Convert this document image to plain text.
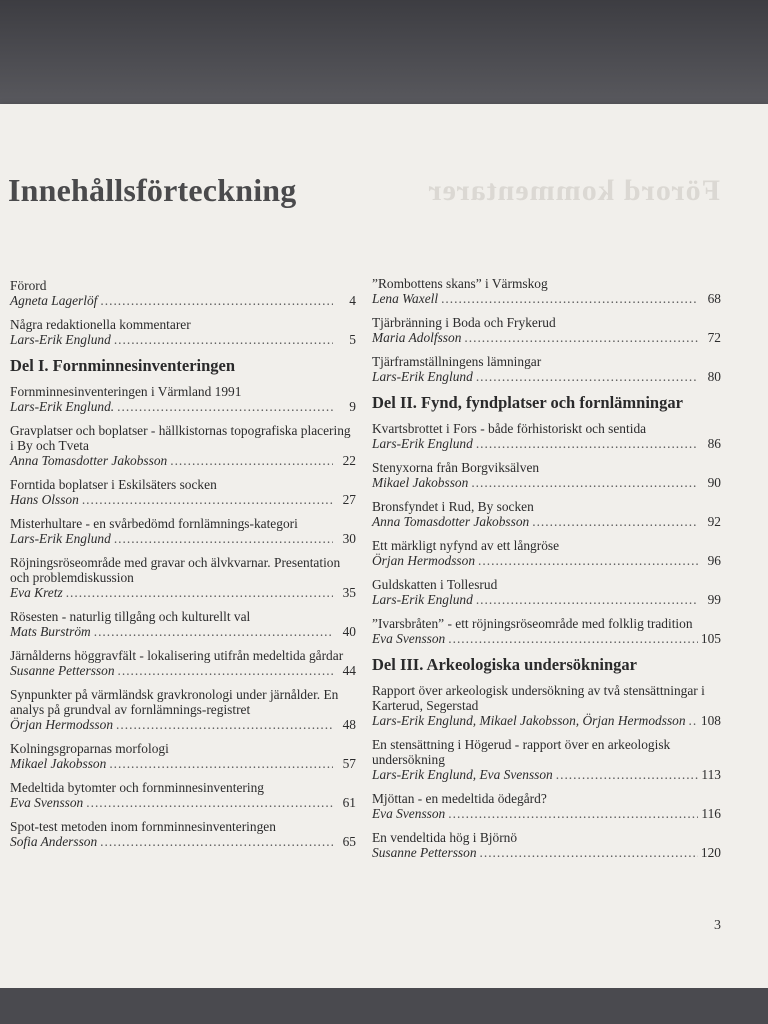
Förord kommentarer
Innehållsförteckning
Förord
Agneta Lagerlöf .....	4
Några redaktionella kommentarer
Lars-Erik Englund .....	5
Del I. Fornminnesinventeringen
Fornminnesinventeringen i Värmland 1991
Lars-Erik Englund. .....	9
Gravplatser och boplatser - hällkistornas topografiska placering i By och Tveta
Anna Tomasdotter Jakobsson .....	22
Forntida boplatser i Eskilsäters socken
Hans Olsson .....	27
Misterhultare - en svårbedömd fornlämnings-kategori
Lars-Erik Englund .....	30
Röjningsröseområde med gravar och älvkvarnar. Presentation och problemdiskussion
Eva Kretz .....	35
Rösesten - naturlig tillgång och kulturellt val
Mats Burström .....	40
Järnålderns höggravfält - lokalisering utifrån medeltida gårdar
Susanne Pettersson .....	44
Synpunkter på värmländsk gravkronologi under järnålder. En analys på grundval av fornlämnings-registret
Örjan Hermodsson .....	48
Kolningsgroparnas morfologi
Mikael Jakobsson .....	57
Medeltida bytomter och fornminnesinventering
Eva Svensson .....	61
Spot-test metoden inom fornminnesinventeringen
Sofia Andersson .....	65
”Rombottens skans” i Värmskog
Lena Waxell .....	68
Tjärbränning i Boda och Frykerud
Maria Adolfsson .....	72
Tjärframställningens lämningar
Lars-Erik Englund .....	80
Del II. Fynd, fyndplatser och fornlämningar
Kvartsbrottet i Fors - både förhistoriskt och sentida
Lars-Erik Englund .....	86
Stenyxorna från Borgviksälven
Mikael Jakobsson .....	90
Bronsfyndet i Rud, By socken
Anna Tomasdotter Jakobsson .....	92
Ett märkligt nyfynd av ett långröse
Örjan Hermodsson .....	96
Guldskatten i Tollesrud
Lars-Erik Englund .....	99
”Ivarsbråten” - ett röjningsröseområde med folklig tradition
Eva Svensson .....	105
Del III. Arkeologiska undersökningar
Rapport över arkeologisk undersökning av två stensättningar i Karterud, Segerstad
Lars-Erik Englund, Mikael Jakobsson, Örjan Hermodsson ..... 108
En stensättning i Högerud - rapport över en arkeologisk undersökning
Lars-Erik Englund, Eva Svensson .....	113
Mjöttan - en medeltida ödegård?
Eva Svensson .....	116
En vendeltida hög i Björnö
Susanne Pettersson .....	120
3
